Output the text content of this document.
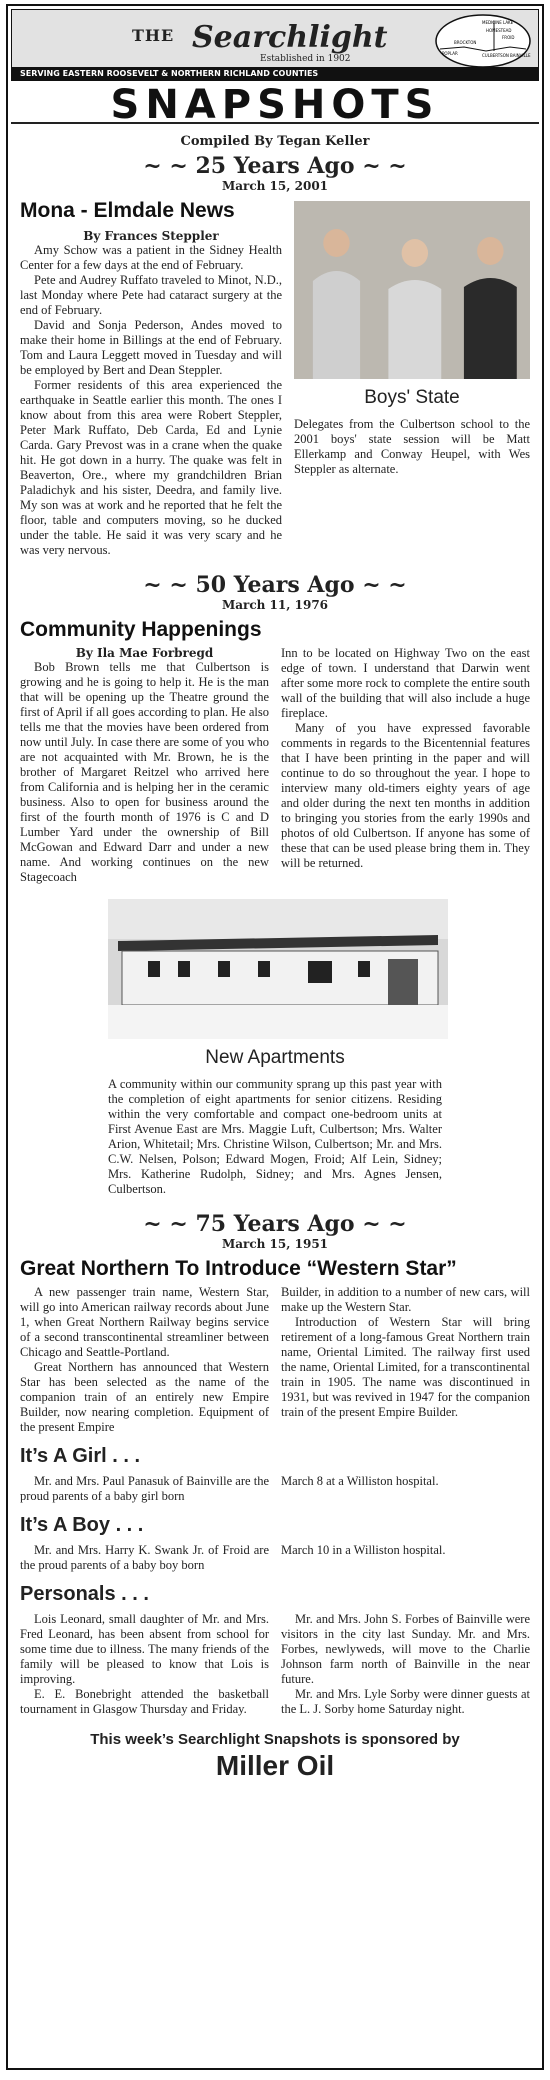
THE Searchlight
Established in 1902
MEDICINE LAKE
HOMESTEAD
FROID
BROCKTON
CULBERTSON BAINVILLE
POPLAR
SERVING EASTERN ROOSEVELT & NORTHERN RICHLAND COUNTIES
SNAPSHOTS
Compiled By Tegan Keller
~ ~ 25 Years Ago ~ ~
March 15, 2001
Mona - Elmdale News
By Frances Steppler

Amy Schow was a patient in the Sidney Health Center for a few days at the end of February.

Pete and Audrey Ruffato traveled to Minot, N.D., last Monday where Pete had cataract surgery at the end of February.

David and Sonja Pederson, Andes moved to make their home in Billings at the end of February. Tom and Laura Leggett moved in Tuesday and will be employed by Bert and Dean Steppler.

Former residents of this area experienced the earthquake in Seattle earlier this month. The ones I know about from this area were Robert Steppler, Peter Mark Ruffato, Deb Carda, Ed and Lynie Carda. Gary Prevost was in a crane when the quake hit. He got down in a hurry. The quake was felt in Beaverton, Ore., where my grandchildren Brian Paladichyk and his sister, Deedra, and family live. My son was at work and he reported that he felt the floor, table and computers moving, so he ducked under the table. He said it was very scary and he was very nervous.

Boys' State
Delegates from the Culbertson school to the 2001 boys' state session will be Matt Ellerkamp and Conway Heupel, with Wes Steppler as alternate.
~ ~ 50 Years Ago ~ ~
March 11, 1976
Community Happenings
By Ila Mae Forbregd

Bob Brown tells me that Culbertson is growing and he is going to help it. He is the man that will be opening up the Theatre ground the first of April if all goes according to plan. He also tells me that the movies have been ordered from now until July. In case there are some of you who are not acquainted with Mr. Brown, he is the brother of Margaret Reitzel who arrived here from California and is helping her in the ceramic business. Also to open for business around the first of the fourth month of 1976 is C and D Lumber Yard under the ownership of Bill McGowan and Edward Darr and under a new name. And working continues on the new Stagecoach

Inn to be located on Highway Two on the east edge of town. I understand that Darwin went after some more rock to complete the entire south wall of the building that will also include a huge fireplace.

Many of you have expressed favorable comments in regards to the Bicentennial features that I have been printing in the paper and will continue to do so throughout the year. I hope to interview many old-timers eighty years of age and older during the next ten months in addition to bringing you stories from the early 1990s and photos of old Culbertson. If anyone has some of these that can be used please bring them in. They will be returned.

New Apartments
A community within our community sprang up this past year with the completion of eight apartments for senior citizens. Residing within the very comfortable and compact one-bedroom units at First Avenue East are Mrs. Maggie Luft, Culbertson; Mrs. Walter Arion, Whitetail; Mrs. Christine Wilson, Culbertson; Mr. and Mrs. C.W. Nelsen, Polson; Edward Mogen, Froid; Alf Lein, Sidney; Mrs. Katherine Rudolph, Sidney; and Mrs. Agnes Jensen, Culbertson.
~ ~ 75 Years Ago ~ ~
March 15, 1951
Great Northern To Introduce “Western Star”

A new passenger train name, Western Star, will go into American railway records about June 1, when Great Northern Railway begins service of a second transcontinental streamliner between Chicago and Seattle-Portland.

Great Northern has announced that Western Star has been selected as the name of the companion train of an entirely new Empire Builder, now nearing completion. Equipment of the present Empire

Builder, in addition to a number of new cars, will make up the Western Star.

Introduction of Western Star will bring retirement of a long-famous Great Northern train name, Oriental Limited. The railway first used the name, Oriental Limited, for a transcontinental train in 1905. The name was discontinued in 1931, but was revived in 1947 for the companion train of the present Empire Builder.

It’s A Girl . . .

Mr. and Mrs. Paul Panasuk of Bainville are the proud parents of a baby girl born

March 8 at a Williston hospital.

It’s A Boy . . .

Mr. and Mrs. Harry K. Swank Jr. of Froid are the proud parents of a baby boy born

March 10 in a Williston hospital.

Personals . . .

Lois Leonard, small daughter of Mr. and Mrs. Fred Leonard, has been absent from school for some time due to illness. The many friends of the family will be pleased to know that Lois is improving.

E. E. Bonebright attended the basketball tournament in Glasgow Thursday and Friday.

Mr. and Mrs. John S. Forbes of Bainville were visitors in the city last Sunday. Mr. and Mrs. Forbes, newlyweds, will move to the Charlie Johnson farm north of Bainville in the near future.

Mr. and Mrs. Lyle Sorby were dinner guests at the L. J. Sorby home Saturday night.

This week’s Searchlight Snapshots is sponsored by
Miller Oil
